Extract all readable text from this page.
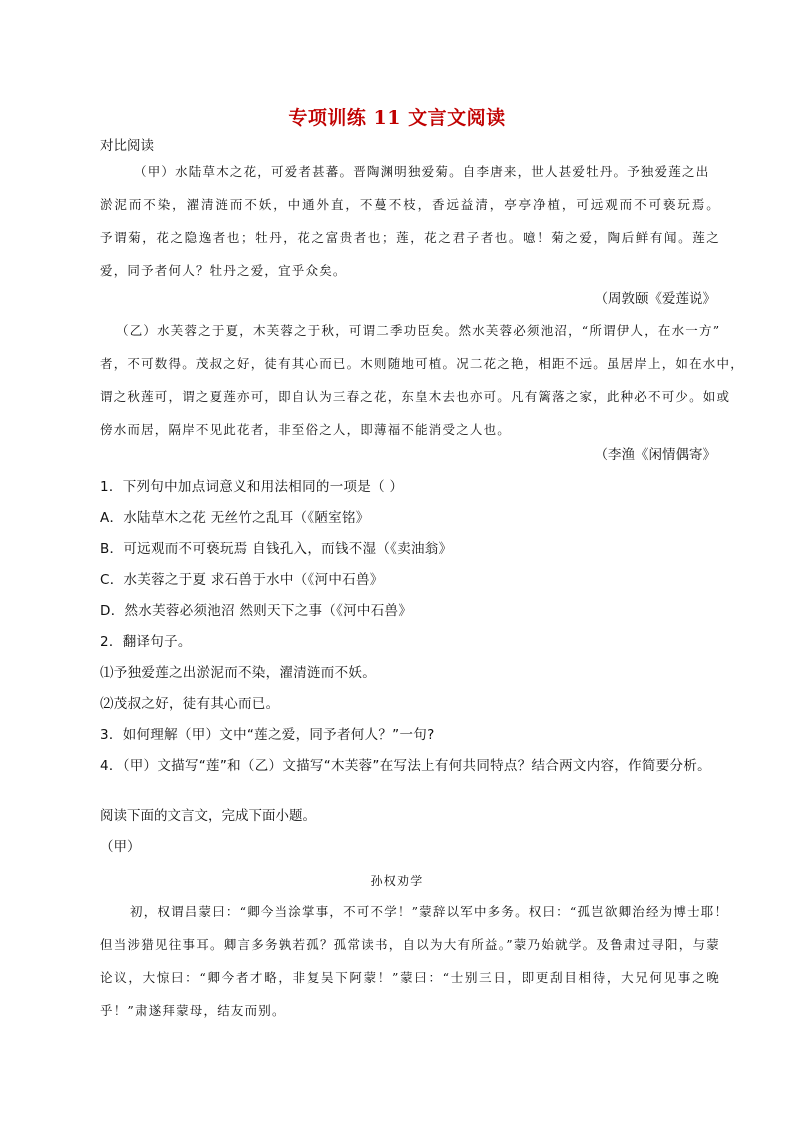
专项训练 11 文言文阅读
对比阅读
（甲）水陆草木之花，可爱者甚蕃。晋陶渊明独爱菊。自李唐来，世人甚爱牡丹。予独爱莲之出
淤泥而不染，濯清涟而不妖，中通外直，不蔓不枝，香远益清，亭亭净植，可远观而不可亵玩焉。
予谓菊，花之隐逸者也；牡丹，花之富贵者也；莲，花之君子者也。噫！菊之爱，陶后鲜有闻。莲之
爱，同予者何人？牡丹之爱，宜乎众矣。
（周敦颐《爱莲说》
（乙）水芙蓉之于夏，木芙蓉之于秋，可谓二季功臣矣。然水芙蓉必须池沼，“所谓伊人，在水一方”
者，不可数得。茂叔之好，徒有其心而已。木则随地可植。况二花之艳，相距不远。虽居岸上，如在水中，
谓之秋莲可，谓之夏莲亦可，即自认为三春之花，东皇木去也亦可。凡有篱落之家，此种必不可少。如或
傍水而居，隔岸不见此花者，非至俗之人，即薄福不能消受之人也。
（李渔《闲情偶寄》
1．下列句中加点词意义和用法相同的一项是（ ）
A．水陆草木之花 无丝竹之乱耳（《陋室铭》
B．可远观而不可亵玩焉 自钱孔入，而钱不湿（《卖油翁》
C．水芙蓉之于夏 求石兽于水中（《河中石兽》
D．然水芙蓉必须池沼 然则天下之事（《河中石兽》
2．翻译句子。
⑴予独爱莲之出淤泥而不染，濯清涟而不妖。
⑵茂叔之好，徒有其心而已。
3．如何理解（甲）文中“莲之爱，同予者何人？”一句?
4．（甲）文描写“莲”和（乙）文描写“木芙蓉”在写法上有何共同特点？结合两文内容，作简要分析。
阅读下面的文言文，完成下面小题。
（甲）
孙权劝学
初，权谓吕蒙曰：“卿今当涂掌事，不可不学！”蒙辞以军中多务。权曰：“孤岂欲卿治经为博士耶！
但当涉猎见往事耳。卿言多务孰若孤？孤常读书，自以为大有所益。”蒙乃始就学。及鲁肃过寻阳，与蒙
论议，大惊曰：“卿今者才略，非复吴下阿蒙！”蒙曰：“士别三日，即更刮目相待，大兄何见事之晚
乎！”肃遂拜蒙母，结友而别。
